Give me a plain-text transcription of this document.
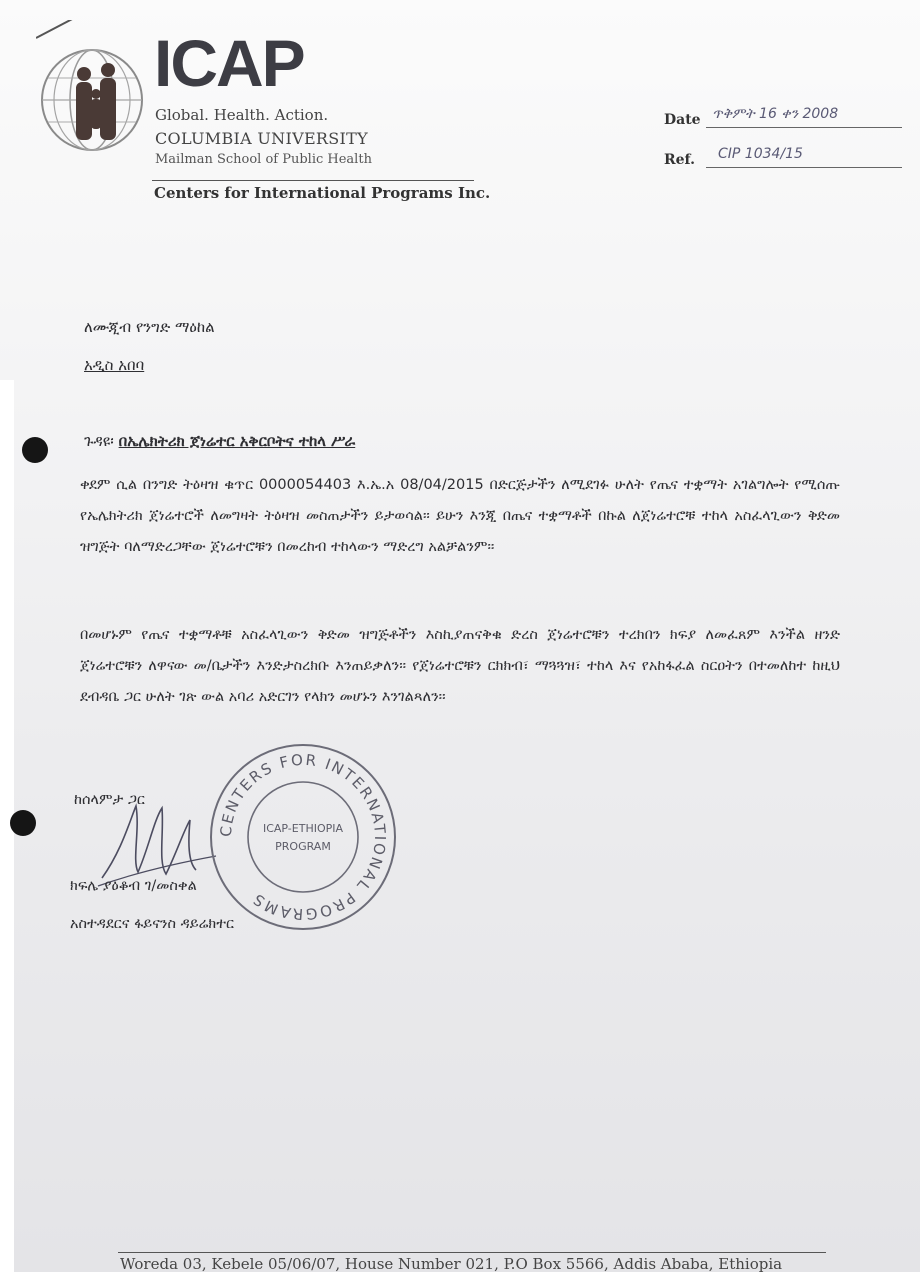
ICAP
Global. Health. Action.
COLUMBIA UNIVERSITY
Mailman School of Public Health
Centers for International Programs Inc.
Date ጥቅምት 16 ቀን 2008
Ref. CIP 1034/15
ለሙጂብ የንግድ ማዕከል
አዲስ አበባ
ጉዳዩ፡ በኤሌክትሪክ ጀነሬተር አቅርቦትና ተከላ ሥራ

ቀደም ሲል በንግድ ትዕዛዝ ቁጥር 0000054403 እ.ኤ.አ 08/04/2015 በድርጅታችን ለሚደገፉ ሁለት የጤና ተቋማት አገልግሎት የሚሰጡ የኤሌክትሪክ ጀነሬተሮች ለመግዛት ትዕዛዝ መስጠታችን ይታወሳል፡፡ ይሁን እንጂ በጤና ተቋማቶች በኩል ለጀነሬተሮቹ ተከላ አስፈላጊውን ቅድመ ዝግጅት ባለማድረጋቸው ጀነሬተሮቹን በመረከብ ተከላውን ማድረግ አልቻልንም፡፡

በመሆኑም የጤና ተቋማቶቹ አስፈላጊውን ቅድመ ዝግጅቶችን እስኪያጠናቅቁ ድረስ ጀነሬተሮቹን ተረክበን ክፍያ ለመፈጸም እንችል ዘንድ ጀነሬተሮቹን ለዋናው መ/ቤታችን እንድታስረክቡ እንጠይቃለን፡፡ የጀነሬተሮቹን ርክክብ፣ ማጓጓዝ፣ ተከላ እና የአከፋፈል ስርዐትን በተመለከተ ከዚህ ደብዳቤ ጋር ሁለት ገጽ ውል አባሪ አድርገን የላክን መሆኑን እንገልጻለን፡፡

ከሰላምታ ጋር
ክፍሌ ያዕቆብ ገ/መስቀል
አስተዳደርና ፋይናንስ ዳይሬክተር
CENTERS FOR INTERNATIONAL PROGRAMS
ICAP-ETHIOPIA
PROGRAM
Woreda 03, Kebele 05/06/07, House Number 021, P.O Box 5566, Addis Ababa, Ethiopia
